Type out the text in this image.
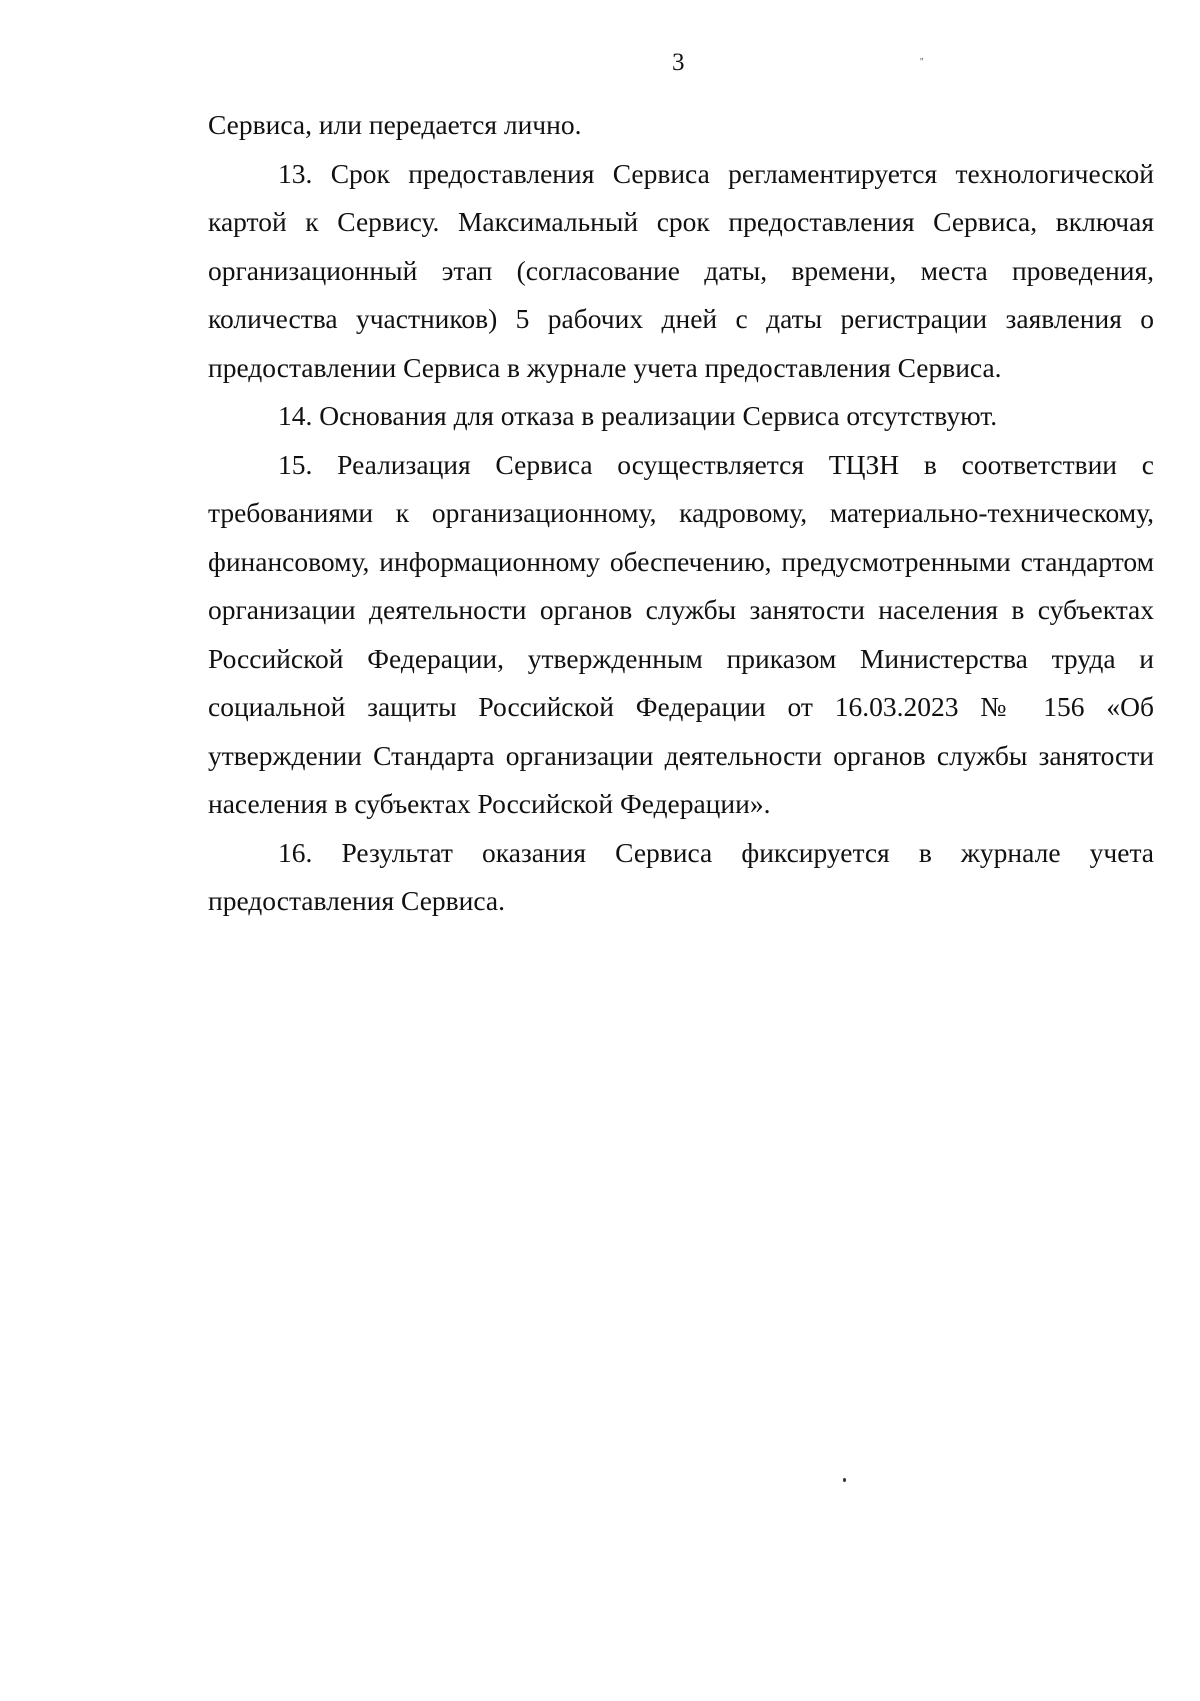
3	''

Сервиса, или передается лично.

13. Срок предоставления Сервиса регламентируется технологической картой к Сервису. Максимальный срок предоставления Сервиса, включая организационный этап (согласование даты, времени, места проведения, количества участников) 5 рабочих дней с даты регистрации заявления о предоставлении Сервиса в журнале учета предоставления Сервиса.

14. Основания для отказа в реализации Сервиса отсутствуют.

15. Реализация Сервиса осуществляется ТЦЗН в соответствии с требованиями к организационному, кадровому, материально-техническому, финансовому, информационному обеспечению, предусмотренными стандартом организации деятельности органов службы занятости населения в субъектах Российской Федерации, утвержденным приказом Министерства труда и социальной защиты Российской Федерации от 16.03.2023 № 156 «Об утверждении Стандарта организации деятельности органов службы занятости населения в субъектах Российской Федерации».

16. Результат оказания Сервиса фиксируется в журнале учета предоставления Сервиса.
